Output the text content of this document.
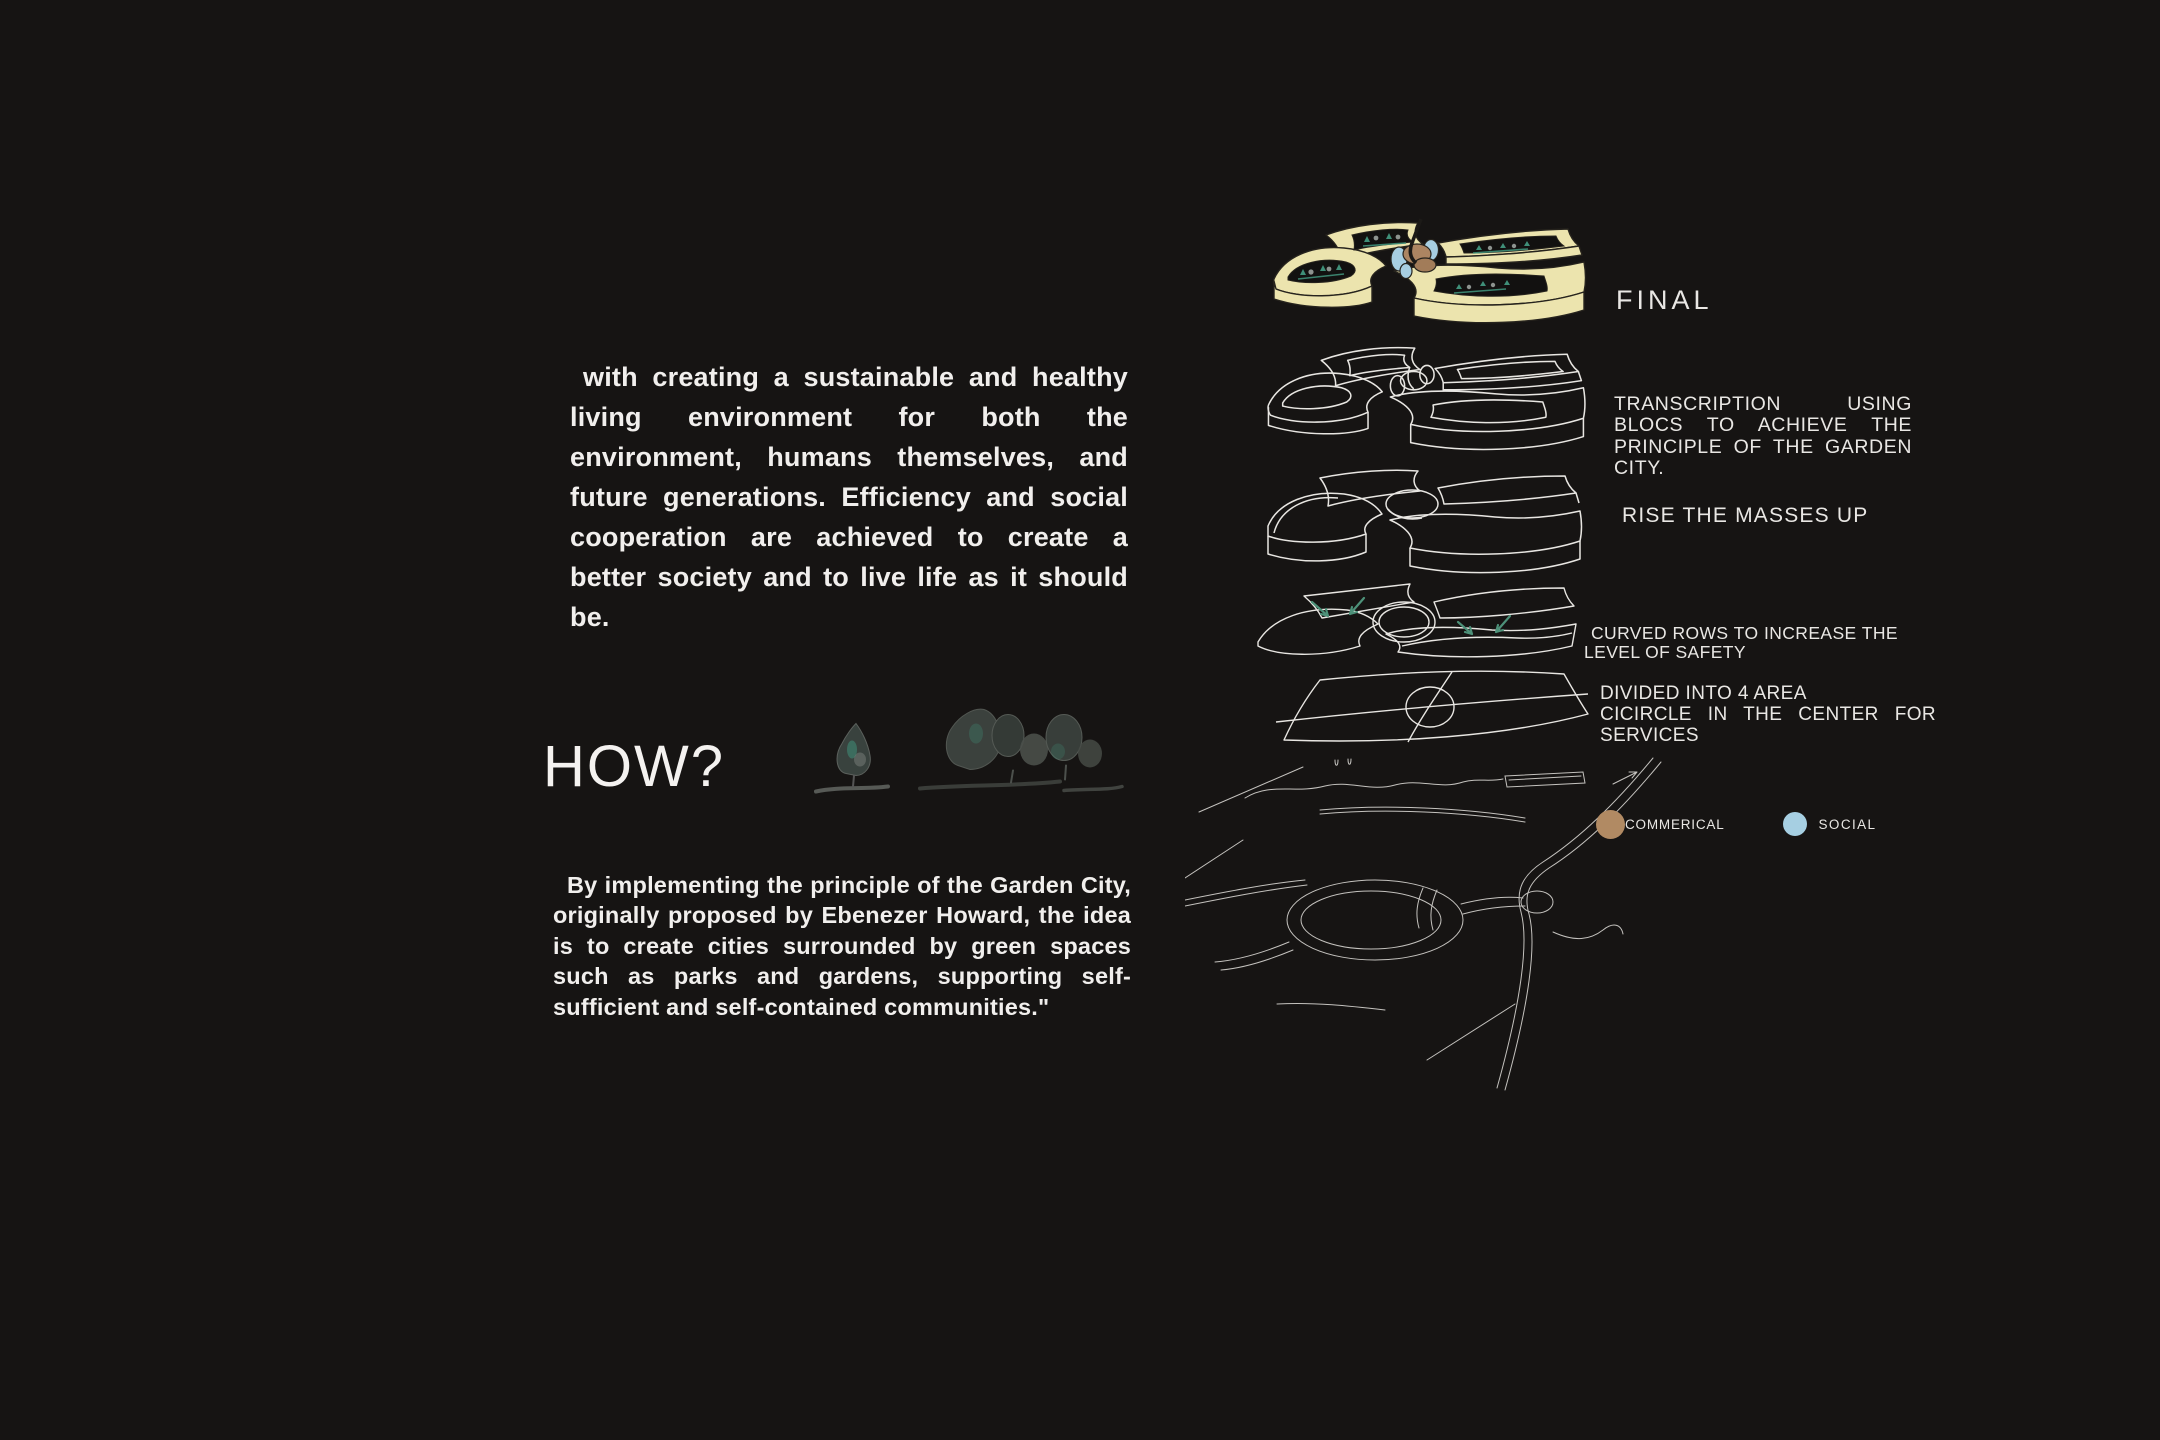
with creating a sustainable and healthy living environment for both the environment, humans themselves, and future generations. Efficiency and social cooperation are achieved to create a better society and to live life as it should be.

HOW?

By implementing the principle of the Garden City, originally proposed by Ebenezer Howard, the idea is to create cities surrounded by green spaces such as parks and gardens, supporting self-sufficient and self-contained communities."

FINAL

TRANSCRIPTION USING BLOCS TO ACHIEVE THE PRINCIPLE OF THE GARDEN CITY.

RISE THE MASSES UP

CURVED ROWS TO INCREASE THE LEVEL OF SAFETY

DIVIDED INTO 4 AREA
CICIRCLE IN THE CENTER FOR SERVICES
COMMERICAL	SOCIAL
